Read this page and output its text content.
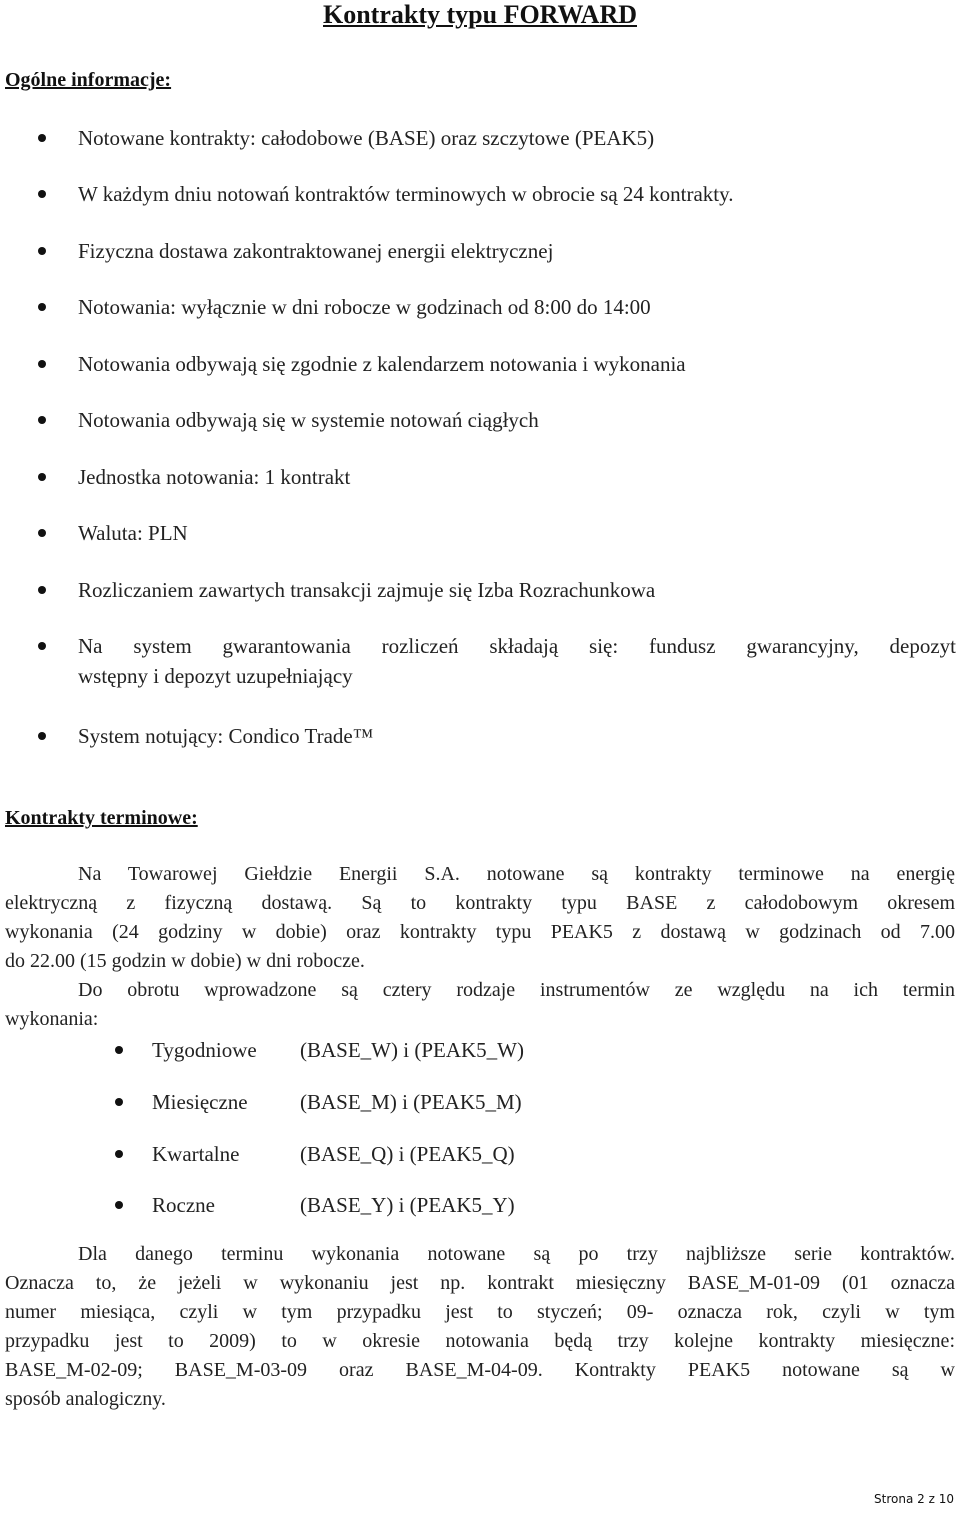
Kontrakty typu FORWARD
Ogólne informacje:
Notowane kontrakty: całodobowe (BASE) oraz szczytowe (PEAK5)
W każdym dniu notowań kontraktów terminowych w obrocie są 24 kontrakty.
Fizyczna dostawa zakontraktowanej energii elektrycznej
Notowania: wyłącznie w dni robocze w godzinach od 8:00 do 14:00
Notowania odbywają się zgodnie z kalendarzem notowania i wykonania
Notowania odbywają się w systemie notowań ciągłych
Jednostka notowania: 1 kontrakt
Waluta: PLN
Rozliczaniem zawartych transakcji zajmuje się Izba Rozrachunkowa
Na system gwarantowania rozliczeń składają się: fundusz gwarancyjny, depozyt
wstępny i depozyt uzupełniający
System notujący: Condico Trade™
Kontrakty terminowe:
Na Towarowej Giełdzie Energii S.A. notowane są kontrakty terminowe na energię
elektryczną z fizyczną dostawą. Są to kontrakty typu BASE z całodobowym okresem
wykonania (24 godziny w dobie) oraz kontrakty typu PEAK5 z dostawą w godzinach od 7.00
do 22.00 (15 godzin w dobie) w dni robocze.
Do obrotu wprowadzone są cztery rodzaje instrumentów ze względu na ich termin
wykonania:
Tygodniowe (BASE_W) i (PEAK5_W)
Miesięczne (BASE_M) i (PEAK5_M)
Kwartalne	(BASE_Q) i (PEAK5_Q)
Roczne	(BASE_Y) i (PEAK5_Y)
Dla danego terminu wykonania notowane są po trzy najbliższe serie kontraktów.
Oznacza to, że jeżeli w wykonaniu jest np. kontrakt miesięczny BASE_M-01-09 (01 oznacza
numer miesiąca, czyli w tym przypadku jest to styczeń; 09- oznacza rok, czyli w tym
przypadku jest to 2009) to w okresie notowania będą trzy kolejne kontrakty miesięczne:
BASE_M-02-09; BASE_M-03-09 oraz BASE_M-04-09. Kontrakty PEAK5 notowane są w
sposób analogiczny.
Strona 2 z 10
